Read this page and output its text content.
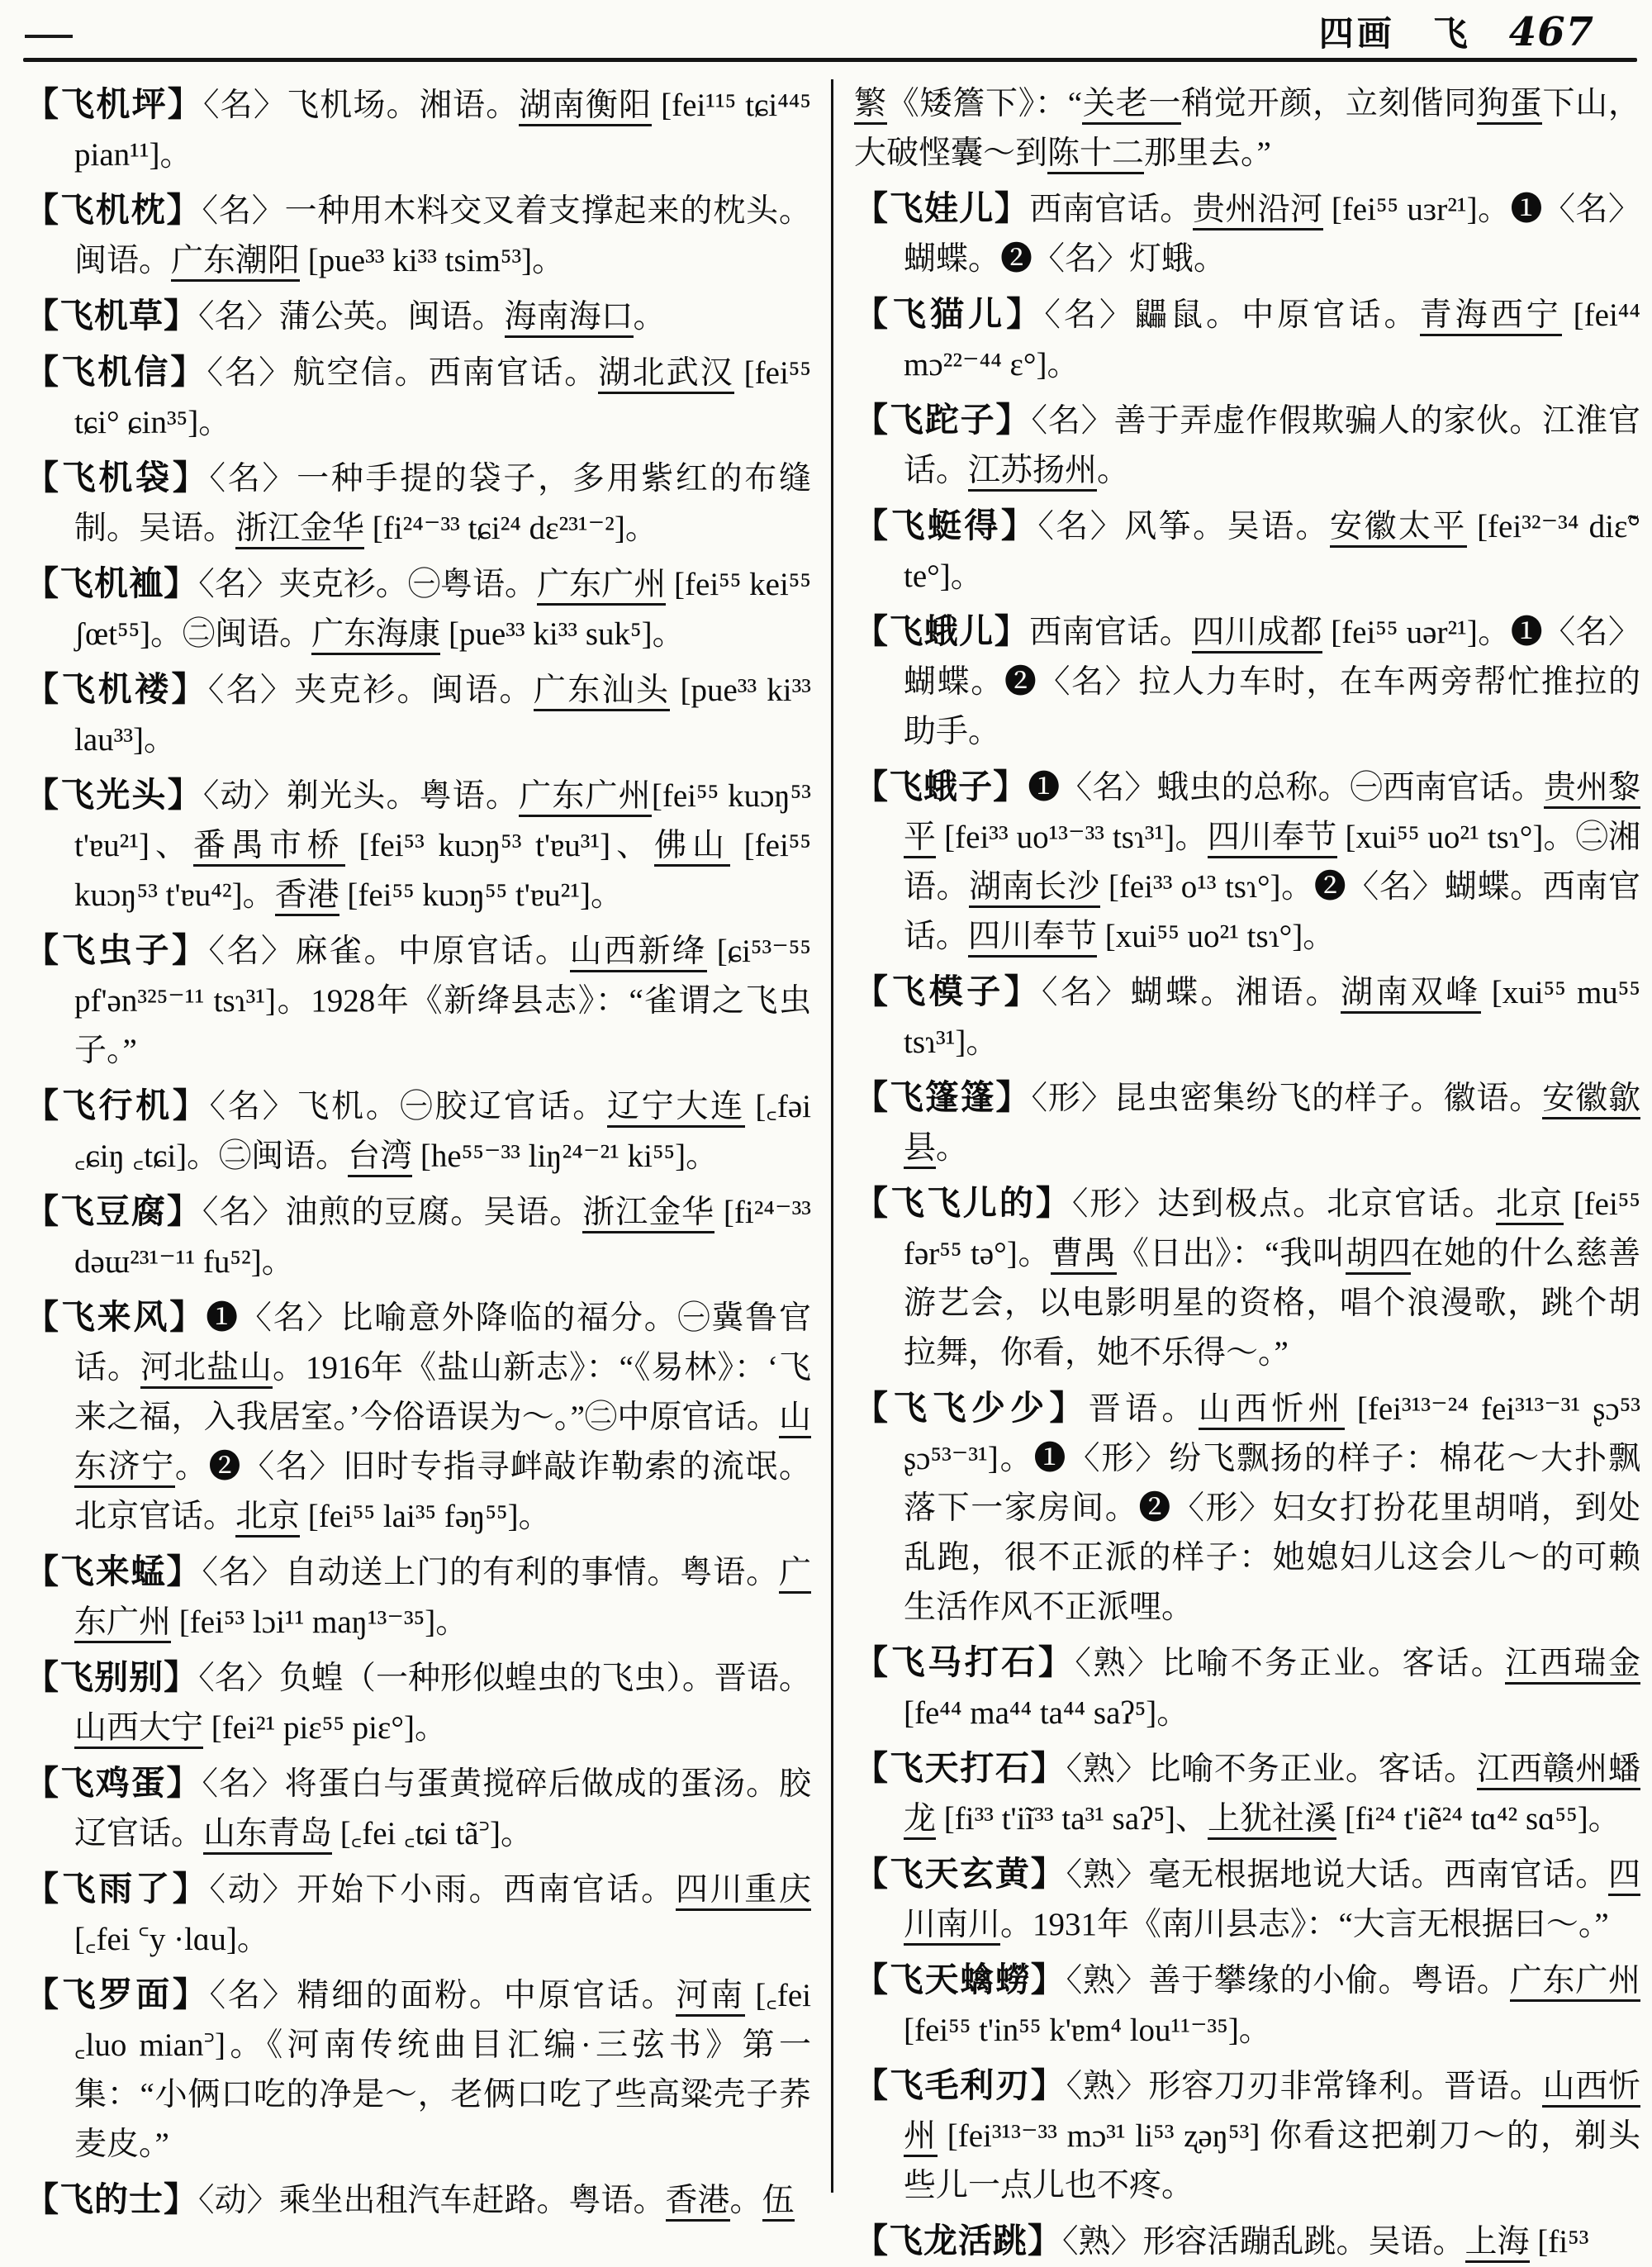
四画 飞 467

【飞机坪】〈名〉飞机场。湘语。湖南衡阳 [fei¹¹⁵ tɕi⁴⁴⁵ pian¹¹]。

【飞机枕】〈名〉一种用木料交叉着支撑起来的枕头。闽语。广东潮阳 [pue³³ ki³³ tsim⁵³]。

【飞机草】〈名〉蒲公英。闽语。海南海口。

【飞机信】〈名〉航空信。西南官话。湖北武汉 [fei⁵⁵ tɕi° ɕin³⁵]。

【飞机袋】〈名〉一种手提的袋子，多用紫红的布缝制。吴语。浙江金华 [fi²⁴⁻³³ tɕi²⁴ dɛ²³¹⁻²]。

【飞机裇】〈名〉夹克衫。㊀粤语。广东广州 [fei⁵⁵ kei⁵⁵ ʃœt⁵⁵]。㊁闽语。广东海康 [pue³³ ki³³ suk⁵]。

【飞机褛】〈名〉夹克衫。闽语。广东汕头 [pue³³ ki³³ lau³³]。

【飞光头】〈动〉剃光头。粤语。广东广州[fei⁵⁵ kuɔŋ⁵³ t'ɐu²¹]、番禺市桥 [fei⁵³ kuɔŋ⁵³ t'ɐu³¹]、佛山 [fei⁵⁵ kuɔŋ⁵³ t'ɐu⁴²]。香港 [fei⁵⁵ kuɔŋ⁵⁵ t'ɐu²¹]。

【飞虫子】〈名〉麻雀。中原官话。山西新绛 [ɕi⁵³⁻⁵⁵ pf'ən³²⁵⁻¹¹ tsɿ³¹]。1928年《新绛县志》：“雀谓之飞虫子。”

【飞行机】〈名〉飞机。㊀胶辽官话。辽宁大连 [꜀fəi ꜀ɕiŋ ꜀tɕi]。㊁闽语。台湾 [he⁵⁵⁻³³ liŋ²⁴⁻²¹ ki⁵⁵]。

【飞豆腐】〈名〉油煎的豆腐。吴语。浙江金华 [fi²⁴⁻³³ dəɯ²³¹⁻¹¹ fu⁵²]。

【飞来风】❶〈名〉比喻意外降临的福分。㊀冀鲁官话。河北盐山。1916年《盐山新志》：“《易林》：‘飞来之福，入我居室。’今俗语误为～。”㊁中原官话。山东济宁。❷〈名〉旧时专指寻衅敲诈勒索的流氓。北京官话。北京 [fei⁵⁵ lai³⁵ fəŋ⁵⁵]。

【飞来蜢】〈名〉自动送上门的有利的事情。粤语。广东广州 [fei⁵³ lɔi¹¹ maŋ¹³⁻³⁵]。

【飞别别】〈名〉负蝗（一种形似蝗虫的飞虫）。晋语。山西大宁 [fei²¹ piɛ⁵⁵ piɛ°]。

【飞鸡蛋】〈名〉将蛋白与蛋黄搅碎后做成的蛋汤。胶辽官话。山东青岛 [꜀fei ꜀tɕi tã꜄]。

【飞雨了】〈动〉开始下小雨。西南官话。四川重庆 [꜀fei ꜂y ·lɑu]。

【飞罗面】〈名〉精细的面粉。中原官话。河南 [꜀fei ꜀luo mian꜄]。《河南传统曲目汇编·三弦书》第一集：“小俩口吃的净是～，老俩口吃了些高粱壳子荞麦皮。”

【飞的士】〈动〉乘坐出租汽车赶路。粤语。香港。伍

繁《矮簷下》：“关老一稍觉开颜，立刻偕同狗蛋下山，大破悭囊～到陈十二那里去。”

【飞娃儿】西南官话。贵州沿河 [fei⁵⁵ uɜr²¹]。❶〈名〉蝴蝶。❷〈名〉灯蛾。

【飞猫儿】〈名〉鼺鼠。中原官话。青海西宁 [fei⁴⁴ mɔ²²⁻⁴⁴ ɛ°]。

【飞跎子】〈名〉善于弄虚作假欺骗人的家伙。江淮官话。江苏扬州。

【飞蜓得】〈名〉风筝。吴语。安徽太平 [fei³²⁻³⁴ diɛ̃° te°]。

【飞蛾儿】西南官话。四川成都 [fei⁵⁵ uər²¹]。❶〈名〉蝴蝶。❷〈名〉拉人力车时，在车两旁帮忙推拉的助手。

【飞蛾子】❶〈名〉蛾虫的总称。㊀西南官话。贵州黎平 [fei³³ uo¹³⁻³³ tsɿ³¹]。四川奉节 [xui⁵⁵ uo²¹ tsɿ°]。㊁湘语。湖南长沙 [fei³³ o¹³ tsɿ°]。❷〈名〉蝴蝶。西南官话。四川奉节 [xui⁵⁵ uo²¹ tsɿ°]。

【飞模子】〈名〉蝴蝶。湘语。湖南双峰 [xui⁵⁵ mu⁵⁵ tsɿ³¹]。

【飞篷篷】〈形〉昆虫密集纷飞的样子。徽语。安徽歙县。

【飞飞儿的】〈形〉达到极点。北京官话。北京 [fei⁵⁵ fər⁵⁵ tə°]。曹禺《日出》：“我叫胡四在她的什么慈善游艺会，以电影明星的资格，唱个浪漫歌，跳个胡拉舞，你看，她不乐得～。”

【飞飞少少】晋语。山西忻州 [fei³¹³⁻²⁴ fei³¹³⁻³¹ ʂɔ⁵³ ʂɔ⁵³⁻³¹]。❶〈形〉纷飞飘扬的样子：棉花～大扑飘落下一家房间。❷〈形〉妇女打扮花里胡哨，到处乱跑，很不正派的样子：她媳妇儿这会儿～的可赖生活作风不正派哩。

【飞马打石】〈熟〉比喻不务正业。客话。江西瑞金 [fe⁴⁴ ma⁴⁴ ta⁴⁴ saʔ⁵]。

【飞天打石】〈熟〉比喻不务正业。客话。江西赣州蟠龙 [fi³³ t'iĩ³³ ta³¹ saʔ⁵]、上犹社溪 [fi²⁴ t'iẽ²⁴ tɑ⁴² sɑ⁵⁵]。

【飞天玄黄】〈熟〉毫无根据地说大话。西南官话。四川南川。1931年《南川县志》：“大言无根据曰～。”

【飞天蠄蟧】〈熟〉善于攀缘的小偷。粤语。广东广州 [fei⁵⁵ t'in⁵⁵ k'ɐm⁴ lou¹¹⁻³⁵]。

【飞毛利刃】〈熟〉形容刀刃非常锋利。晋语。山西忻州 [fei³¹³⁻³³ mɔ³¹ li⁵³ ʐəŋ⁵³] 你看这把剃刀～的，剃头些儿一点儿也不疼。

【飞龙活跳】〈熟〉形容活蹦乱跳。吴语。上海 [fi⁵³
